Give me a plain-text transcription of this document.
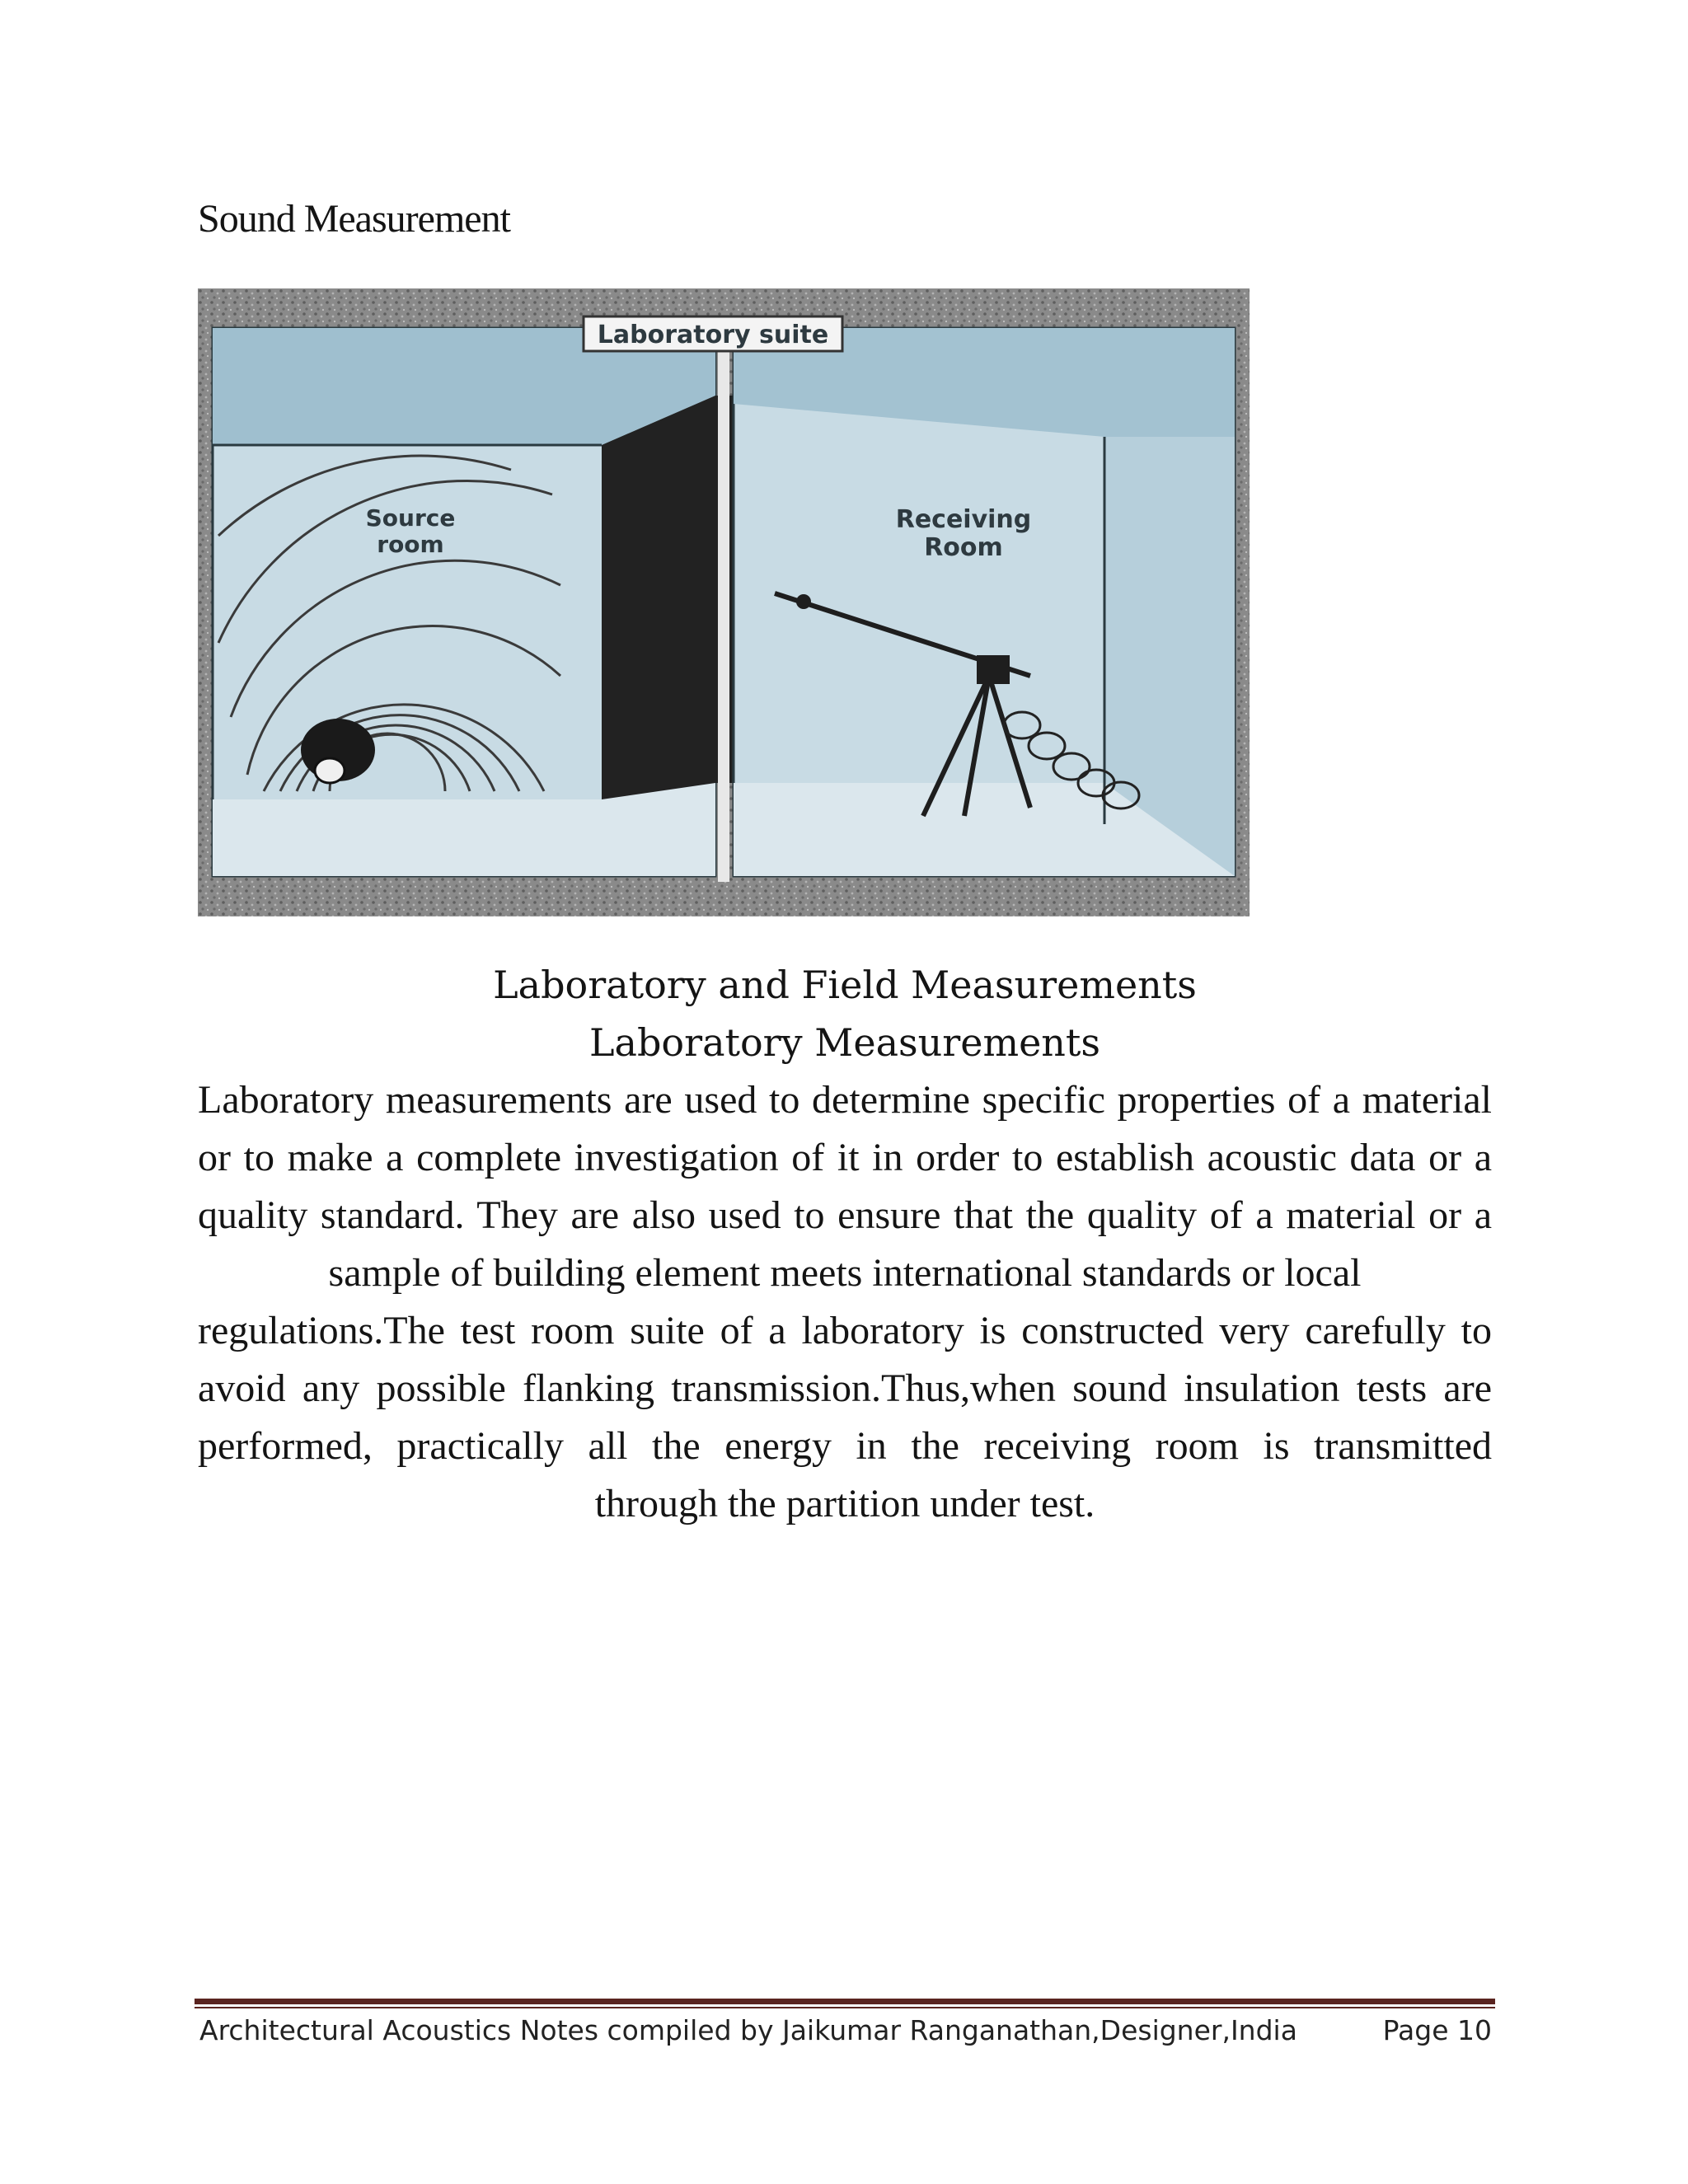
Sound Measurement
Laboratory suite
Source
room
Receiving
Room
Laboratory and Field Measurements
Laboratory Measurements
Laboratory measurements are used to determine specific properties of a material
or to make a complete investigation of it in order to establish acoustic data or a
quality standard. They are also used to ensure that the quality of a material or a
sample of building element meets international standards or local
regulations.The test room suite of a laboratory is constructed very carefully to
avoid any possible flanking transmission.Thus,when sound insulation tests are
performed, practically all the energy in the receiving room is transmitted
through the partition under test.
Architectural Acoustics Notes compiled by Jaikumar Ranganathan,Designer,India	Page 10
